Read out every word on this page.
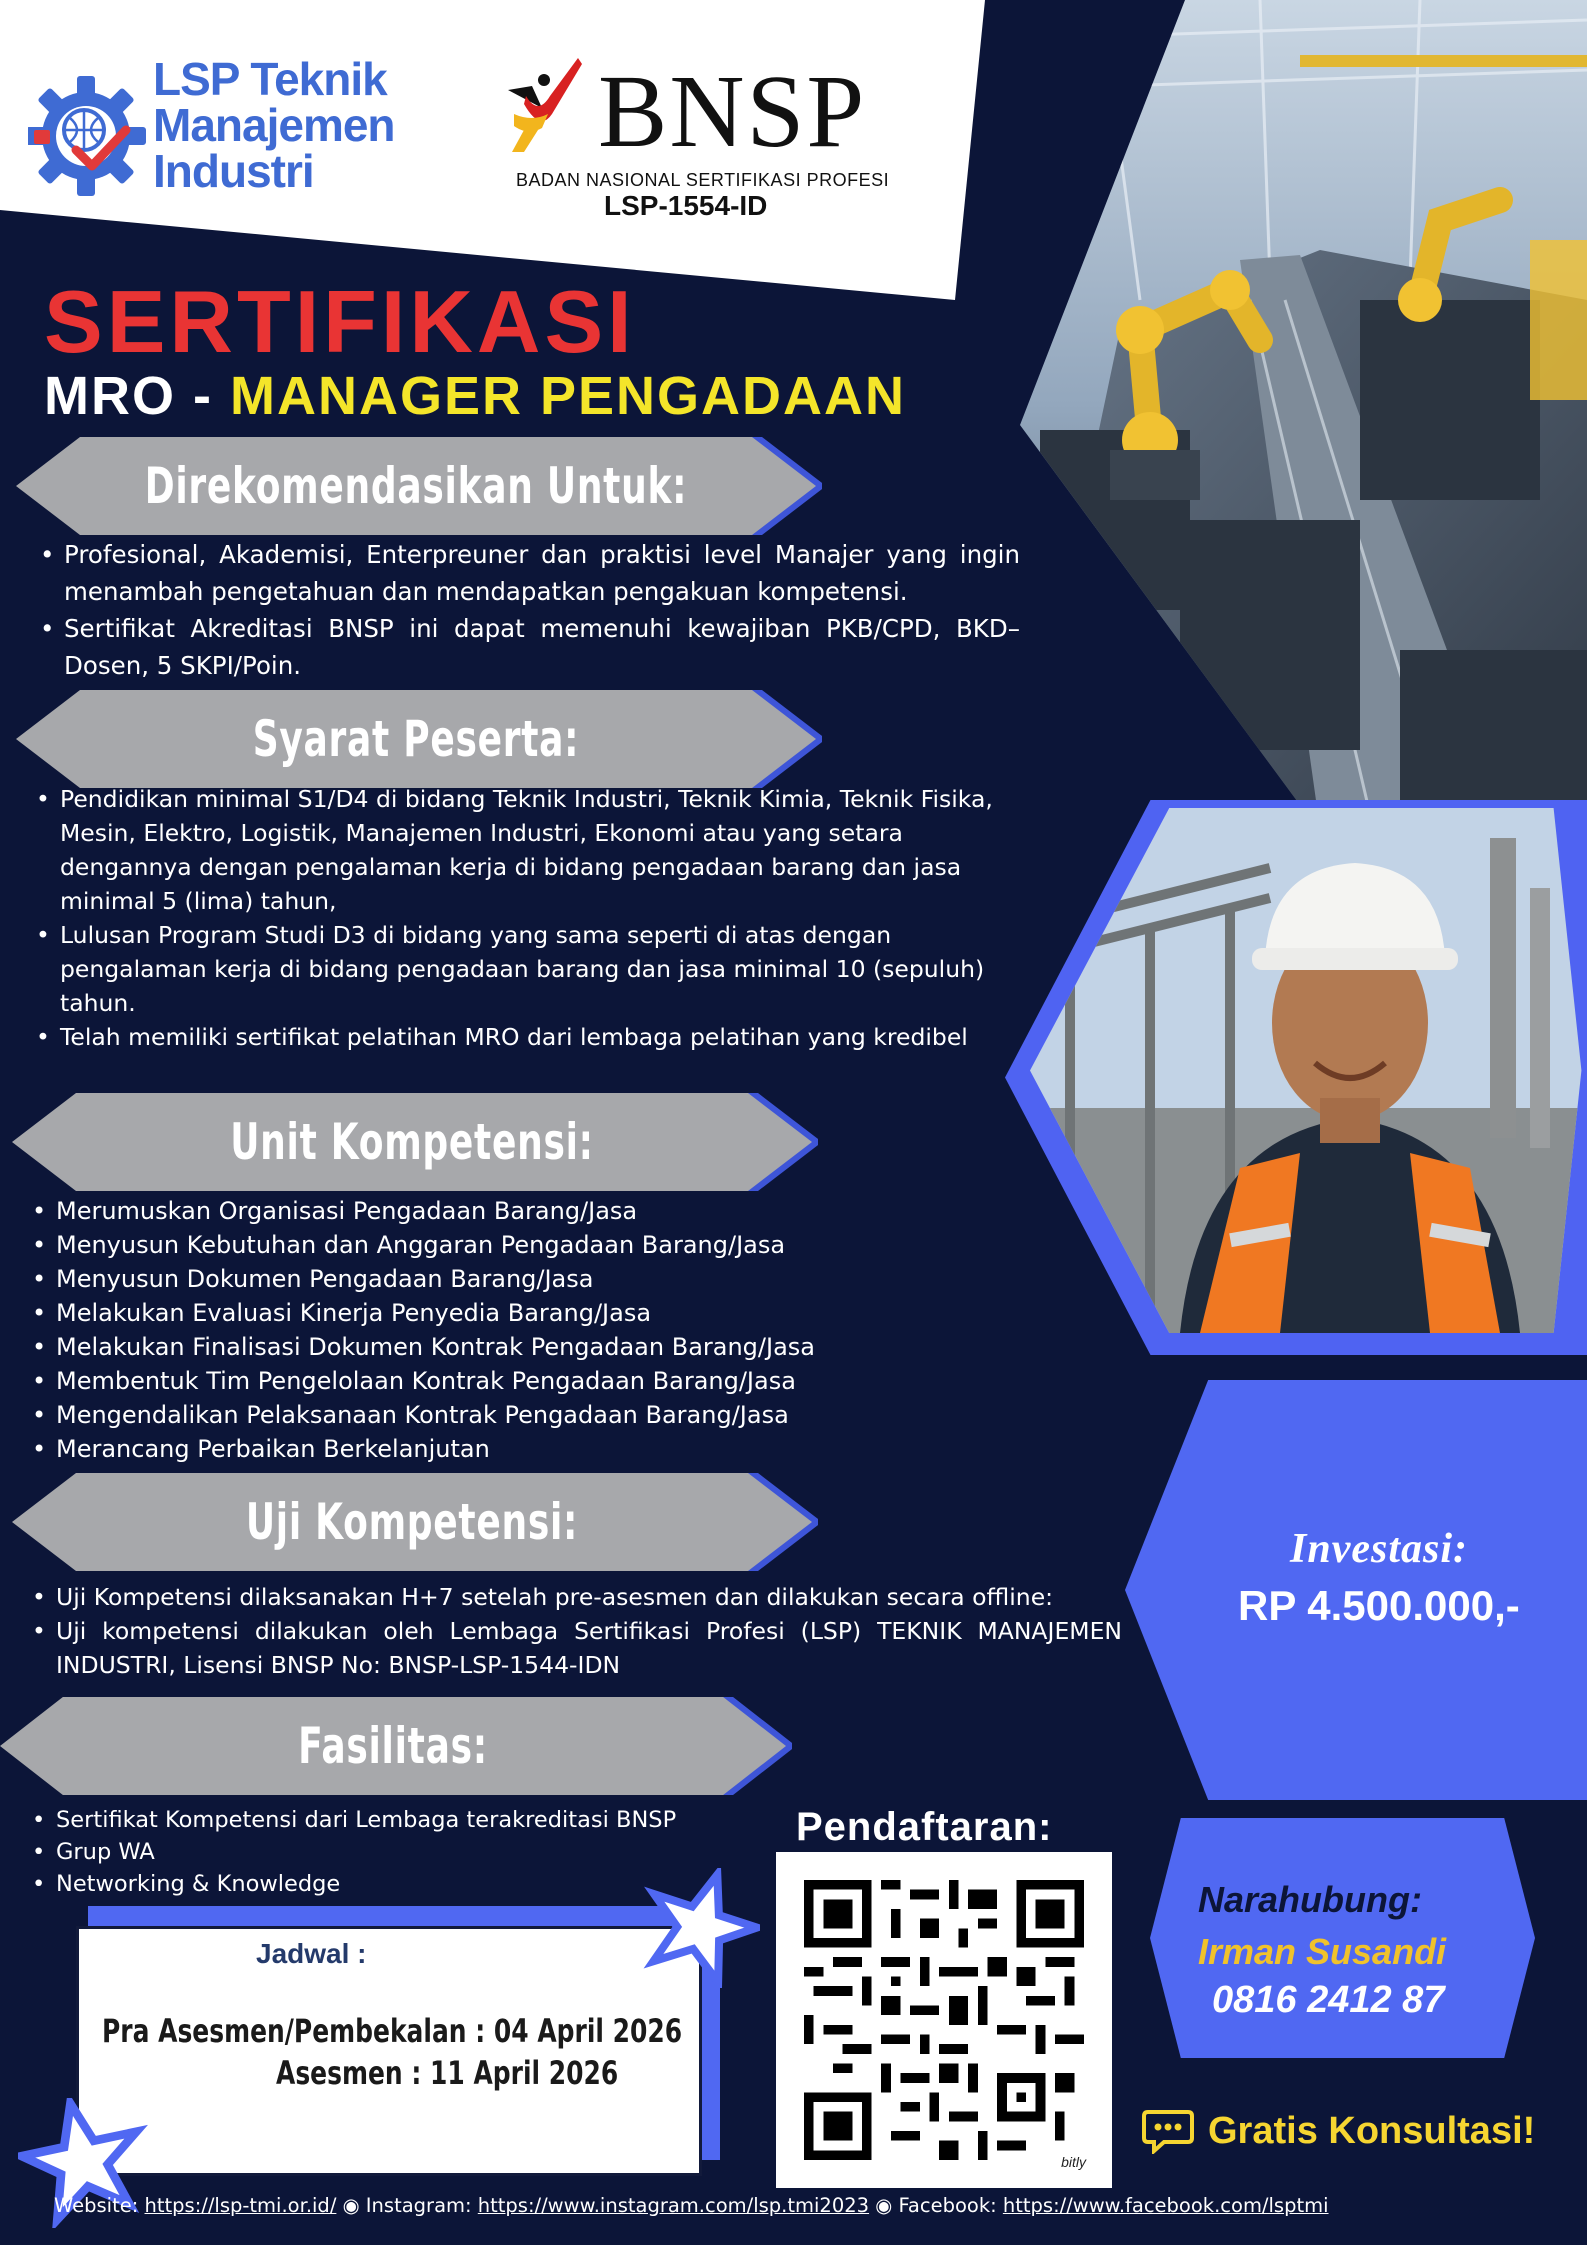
LSP Teknik
Manajemen
Industri
BNSP
BADAN NASIONAL SERTIFIKASI PROFESI
LSP-1554-ID
SERTIFIKASI
MRO - MANAGER PENGADAAN
Direkomendasikan Untuk:
• Profesional, Akademisi, Enterpreuner dan praktisi level Manajer yang ingin menambah pengetahuan dan mendapatkan pengakuan kompetensi.
• Sertifikat Akreditasi BNSP ini dapat memenuhi kewajiban PKB/CPD, BKD–Dosen, 5 SKPI/Poin.
Syarat Peserta:
• Pendidikan minimal S1/D4 di bidang Teknik Industri, Teknik Kimia, Teknik Fisika, Mesin, Elektro, Logistik, Manajemen Industri, Ekonomi atau yang setara dengannya dengan pengalaman kerja di bidang pengadaan barang dan jasa minimal 5 (lima) tahun,
• Lulusan Program Studi D3 di bidang yang sama seperti di atas dengan pengalaman kerja di bidang pengadaan barang dan jasa minimal 10 (sepuluh) tahun.
• Telah memiliki sertifikat pelatihan MRO dari lembaga pelatihan yang kredibel
Unit Kompetensi:
• Merumuskan Organisasi Pengadaan Barang/Jasa
• Menyusun Kebutuhan dan Anggaran Pengadaan Barang/Jasa
• Menyusun Dokumen Pengadaan Barang/Jasa
• Melakukan Evaluasi Kinerja Penyedia Barang/Jasa
• Melakukan Finalisasi Dokumen Kontrak Pengadaan Barang/Jasa
• Membentuk Tim Pengelolaan Kontrak Pengadaan Barang/Jasa
• Mengendalikan Pelaksanaan Kontrak Pengadaan Barang/Jasa
• Merancang Perbaikan Berkelanjutan
Uji Kompetensi:
• Uji Kompetensi dilaksanakan H+7 setelah pre-asesmen dan dilakukan secara offline:
• Uji kompetensi dilakukan oleh Lembaga Sertifikasi Profesi (LSP) TEKNIK MANAJEMEN INDUSTRI, Lisensi BNSP No: BNSP-LSP-1544-IDN
Fasilitas:
• Sertifikat Kompetensi dari Lembaga terakreditasi BNSP
• Grup WA
• Networking & Knowledge
Investasi:
RP 4.500.000,-
Pendaftaran:
bitly
Narahubung:
Irman Susandi
0816 2412 87
Gratis Konsultasi!
Jadwal :
Pra Asesmen/Pembekalan : 04 April 2026
Asesmen : 11 April 2026
Website: https://lsp-tmi.or.id/ ◉ Instagram: https://www.instagram.com/lsp.tmi2023 ◉ Facebook: https://www.facebook.com/lsptmi
